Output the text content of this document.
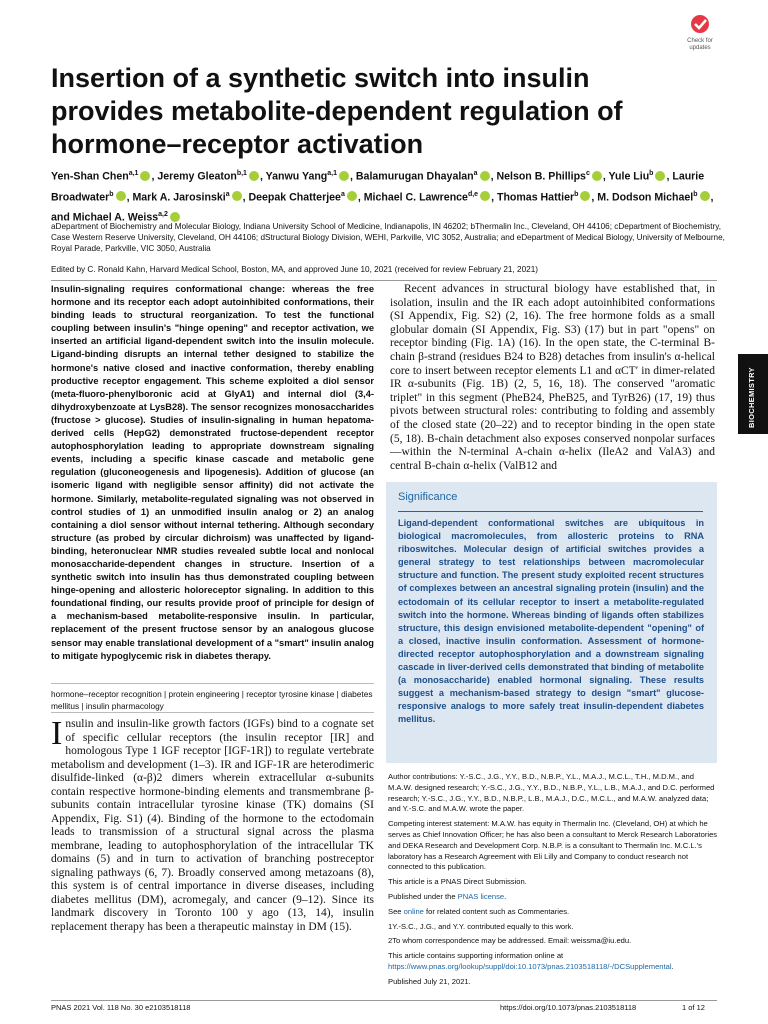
Check for
updates
BIOCHEMISTRY
Insertion of a synthetic switch into insulin provides metabolite-dependent regulation of hormone–receptor activation
Yen-Shan Chen$^{a,1}$ , Jeremy Gleaton$^{b,1}$ , Yanwu Yang$^{a,1}$ , Balamurugan Dhayalan$^a$ , Nelson B. Phillips$^c$ , Yule Liu$^b$ , Laurie Broadwater$^b$ , Mark A. Jarosinski$^a$ , Deepak Chatterjee$^a$ , Michael C. Lawrence$^{d,e}$ , Thomas Hattier$^b$ , M. Dodson Michael$^b$ , and Michael A. Weiss$^{a,2}$
aDepartment of Biochemistry and Molecular Biology, Indiana University School of Medicine, Indianapolis, IN 46202; bThermalin Inc., Cleveland, OH 44106; cDepartment of Biochemistry, Case Western Reserve University, Cleveland, OH 44106; dStructural Biology Division, WEHI, Parkville, VIC 3052, Australia; and eDepartment of Medical Biology, University of Melbourne, Royal Parade, Parkville, VIC 3050, Australia
Edited by C. Ronald Kahn, Harvard Medical School, Boston, MA, and approved June 10, 2021 (received for review February 21, 2021)
Insulin-signaling requires conformational change: whereas the free hormone and its receptor each adopt autoinhibited conformations, their binding leads to structural reorganization. To test the functional coupling between insulin's "hinge opening" and receptor activation, we inserted an artificial ligand-dependent switch into the insulin molecule. Ligand-binding disrupts an internal tether designed to stabilize the hormone's native closed and inactive conformation, thereby enabling productive receptor engagement. This scheme exploited a diol sensor (meta-fluoro-phenylboronic acid at GlyA1) and internal diol (3,4-dihydroxybenzoate at LysB28). The sensor recognizes monosaccharides (fructose > glucose). Studies of insulin-signaling in human hepatoma-derived cells (HepG2) demonstrated fructose-dependent receptor autophosphorylation leading to appropriate downstream signaling events, including a specific kinase cascade and metabolic gene regulation (gluconeogenesis and lipogenesis). Addition of glucose (an isomeric ligand with negligible sensor affinity) did not activate the hormone. Similarly, metabolite-regulated signaling was not observed in control studies of 1) an unmodified insulin analog or 2) an analog containing a diol sensor without internal tethering. Although secondary structure (as probed by circular dichroism) was unaffected by ligand-binding, heteronuclear NMR studies revealed subtle local and nonlocal monosaccharide-dependent changes in structure. Insertion of a synthetic switch into insulin has thus demonstrated coupling between hinge-opening and allosteric holoreceptor signaling. In addition to this foundational finding, our results provide proof of principle for design of a mechanism-based metabolite-responsive insulin. In particular, replacement of the present fructose sensor by an analogous glucose sensor may enable translational development of a "smart" insulin analog to mitigate hypoglycemic risk in diabetes therapy.
hormone–receptor recognition | protein engineering | receptor tyrosine kinase | diabetes mellitus | insulin pharmacology
Insulin and insulin-like growth factors (IGFs) bind to a cognate set of specific cellular receptors (the insulin receptor [IR] and homologous Type 1 IGF receptor [IGF-1R]) to regulate vertebrate metabolism and development (1–3). IR and IGF-1R are heterodimeric disulfide-linked (α-β)2 dimers wherein extracellular α-subunits contain respective hormone-binding elements and transmembrane β-subunits contain intracellular tyrosine kinase (TK) domains (SI Appendix, Fig. S1) (4). Binding of the hormone to the ectodomain leads to transmission of a structural signal across the plasma membrane, leading to autophosphorylation of the intracellular TK domains (5) and in turn to activation of branching postreceptor signaling pathways (6, 7). Broadly conserved among metazoans (8), this system is of central importance in diverse diseases, including diabetes mellitus (DM), acromegaly, and cancer (9–12). Since its landmark discovery in Toronto 100 y ago (13, 14), insulin replacement therapy has been a therapeutic mainstay in DM (15).
Recent advances in structural biology have established that, in isolation, insulin and the IR each adopt autoinhibited conformations (SI Appendix, Fig. S2) (2, 16). The free hormone folds as a small globular domain (SI Appendix, Fig. S3) (17) but in part "opens" on receptor binding (Fig. 1A) (16). In the open state, the C-terminal B-chain β-strand (residues B24 to B28) detaches from insulin's α-helical core to insert between receptor elements L1 and αCT′ in dimer-related IR α-subunits (Fig. 1B) (2, 5, 16, 18). The conserved "aromatic triplet" in this segment (PheB24, PheB25, and TyrB26) (17, 19) thus pivots between structural roles: contributing to folding and assembly of the closed state (20–22) and to receptor binding in the open state (5, 18). B-chain detachment also exposes conserved nonpolar surfaces—within the N-terminal A-chain α-helix (IleA2 and ValA3) and central B-chain α-helix (ValB12 and
Significance
Ligand-dependent conformational switches are ubiquitous in biological macromolecules, from allosteric proteins to RNA riboswitches. Molecular design of artificial switches provides a general strategy to test relationships between macromolecular structure and function. The present study exploited recent structures of complexes between an ancestral signaling protein (insulin) and the ectodomain of its cellular receptor to insert a metabolite-regulated switch into the hormone. Whereas binding of ligands often stabilizes structure, this design envisioned metabolite-dependent "opening" of a closed, inactive insulin conformation. Assessment of hormone-directed receptor autophosphorylation and a downstream signaling cascade in liver-derived cells demonstrated that binding of metabolite (a monosaccharide) enabled hormonal signaling. These results suggest a mechanism-based strategy to design "smart" glucose-responsive analogs to more safely treat insulin-dependent diabetes mellitus.

Author contributions: Y.-S.C., J.G., Y.Y., B.D., N.B.P., Y.L., M.A.J., M.C.L., T.H., M.D.M., and M.A.W. designed research; Y.-S.C., J.G., Y.Y., B.D., N.B.P., Y.L., L.B., M.A.J., and D.C. performed research; Y.-S.C., J.G., Y.Y., B.D., N.B.P., L.B., M.A.J., D.C., M.C.L., and M.A.W. analyzed data; and Y.-S.C. and M.A.W. wrote the paper.

Competing interest statement: M.A.W. has equity in Thermalin Inc. (Cleveland, OH) at which he serves as Chief Innovation Officer; he has also been a consultant to Merck Research Laboratories and DEKA Research and Development Corp. N.B.P. is a consultant to Thermalin Inc. M.C.L.'s laboratory has a Research Agreement with Eli Lilly and Company to conduct research not connected to this publication.

This article is a PNAS Direct Submission.

Published under the PNAS license.

See online for related content such as Commentaries.

1Y.-S.C., J.G., and Y.Y. contributed equally to this work.

2To whom correspondence may be addressed. Email: weissma@iu.edu.

This article contains supporting information online at https://www.pnas.org/lookup/suppl/doi:10.1073/pnas.2103518118/-/DCSupplemental.

Published July 21, 2021.

PNAS 2021 Vol. 118 No. 30 e2103518118	https://doi.org/10.1073/pnas.2103518118	1 of 12
